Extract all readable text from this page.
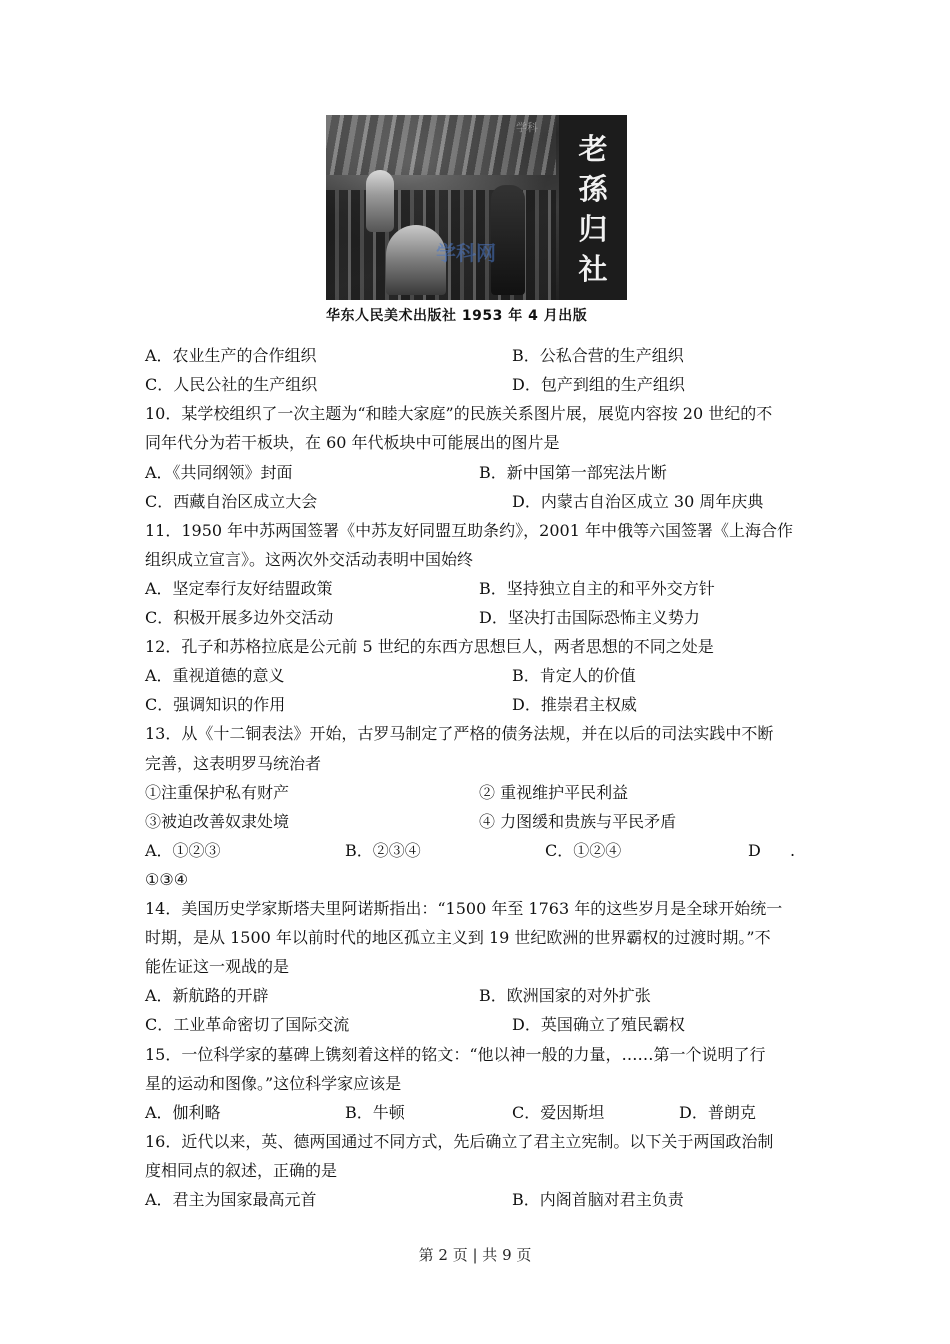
学科
学科网
老孫归社
华东人民美术出版社 1953 年 4 月出版
A．农业生产的合作组织	B．公私合营的生产组织
C．人民公社的生产组织	D．包产到组的生产组织
10．某学校组织了一次主题为“和睦大家庭”的民族关系图片展，展览内容按 20 世纪的不
同年代分为若干板块，在 60 年代板块中可能展出的图片是
A．《共同纲领》封面	B．新中国第一部宪法片断
C．西藏自治区成立大会	D．内蒙古自治区成立 30 周年庆典
11．1950 年中苏两国签署《中苏友好同盟互助条约》，2001 年中俄等六国签署《上海合作
组织成立宣言》。这两次外交活动表明中国始终
A．坚定奉行友好结盟政策	B．坚持独立自主的和平外交方针
C．积极开展多边外交活动	D．坚决打击国际恐怖主义势力
12．孔子和苏格拉底是公元前 5 世纪的东西方思想巨人，两者思想的不同之处是
A．重视道德的意义	B．肯定人的价值
C．强调知识的作用	D．推崇君主权威
13．从《十二铜表法》开始，古罗马制定了严格的债务法规，并在以后的司法实践中不断
完善，这表明罗马统治者
①注重保护私有财产	② 重视维护平民利益
③被迫改善奴隶处境	④ 力图缓和贵族与平民矛盾
A．①②③	B．②③④	C．①②④	D .
①③④
14．美国历史学家斯塔夫里阿诺斯指出：“1500 年至 1763 年的这些岁月是全球开始统一
时期，是从 1500 年以前时代的地区孤立主义到 19 世纪欧洲的世界霸权的过渡时期。”不
能佐证这一观战的是
A．新航路的开辟	B．欧洲国家的对外扩张
C．工业革命密切了国际交流	D．英国确立了殖民霸权
15．一位科学家的墓碑上镌刻着这样的铭文：“他以神一般的力量，……第一个说明了行
星的运动和图像。”这位科学家应该是
A．伽利略	B．牛顿	C．爱因斯坦	D．普朗克
16．近代以来，英、德两国通过不同方式，先后确立了君主立宪制。以下关于两国政治制
度相同点的叙述，正确的是
A．君主为国家最高元首	B．内阁首脑对君主负责
第 2 页 | 共 9 页
